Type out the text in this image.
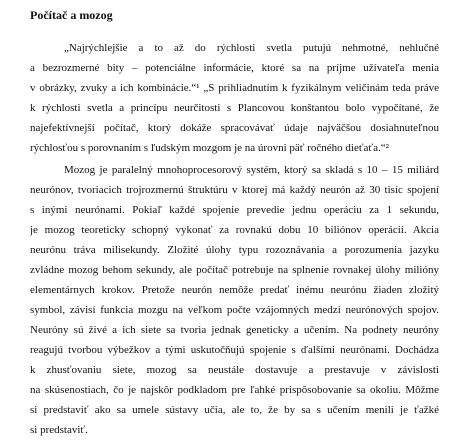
Počítač a mozog
„Najrýchlejšie a to až do rýchlosti svetla putujú nehmotné, nehlučné
a bezrozmerné bity – potenciálne informácie, ktoré sa na príjme užívateľa menia
v obrázky, zvuky a ich kombinácie.“¹ „S prihliadnutím k fyzikálnym veličinám teda práve
k rýchlosti svetla a princípu neurčitosti s Plancovou konštantou bolo vypočítané, že
najefektívnejší počítač, ktorý dokáže spracovávať údaje najväčšou dosiahnuteľnou
rýchlosťou s porovnaním s ľudským mozgom je na úrovni päť ročného dieťaťa.“²
Mozog je paralelný mnohoprocesorový systém, ktorý sa skladá s 10 – 15 miliárd
neurónov, tvoriacich trojrozmernú štruktúru v ktorej má každý neurón až 30 tisíc spojení
s inými neurónami. Pokiaľ každé spojenie prevedie jednu operáciu za 1 sekundu,
je mozog teoreticky schopný vykonať za rovnakú dobu 10 biliónov operácií. Akcia
neurónu tráva milisekundy. Zložité úlohy typu rozoznávania a porozumenia jazyku
zvládne mozog behom sekundy, ale počítač potrebuje na splnenie rovnakej úlohy milióny
elementárnych krokov. Pretože neurón nemôže predať inému neurónu žiaden zložitý
symbol, závisí funkcia mozgu na veľkom počte vzájomných medzi neurónových spojov.
Neuróny sú živé a ich siete sa tvoria jednak geneticky a učením. Na podnety neuróny
reagujú tvorbou výbežkov a tými uskutočňujú spojenie s ďalšími neurónami. Dochádza
k zhusťovaniu siete, mozog sa neustále dostavuje a prestavuje v závislosti
na skúsenostiach, čo je najskôr podkladom pre ľahké prispôsobovanie sa okoliu. Môžme
si predstaviť ako sa umele sústavy učia, ale to, že by sa s učením menili je ťažké
si predstaviť.
